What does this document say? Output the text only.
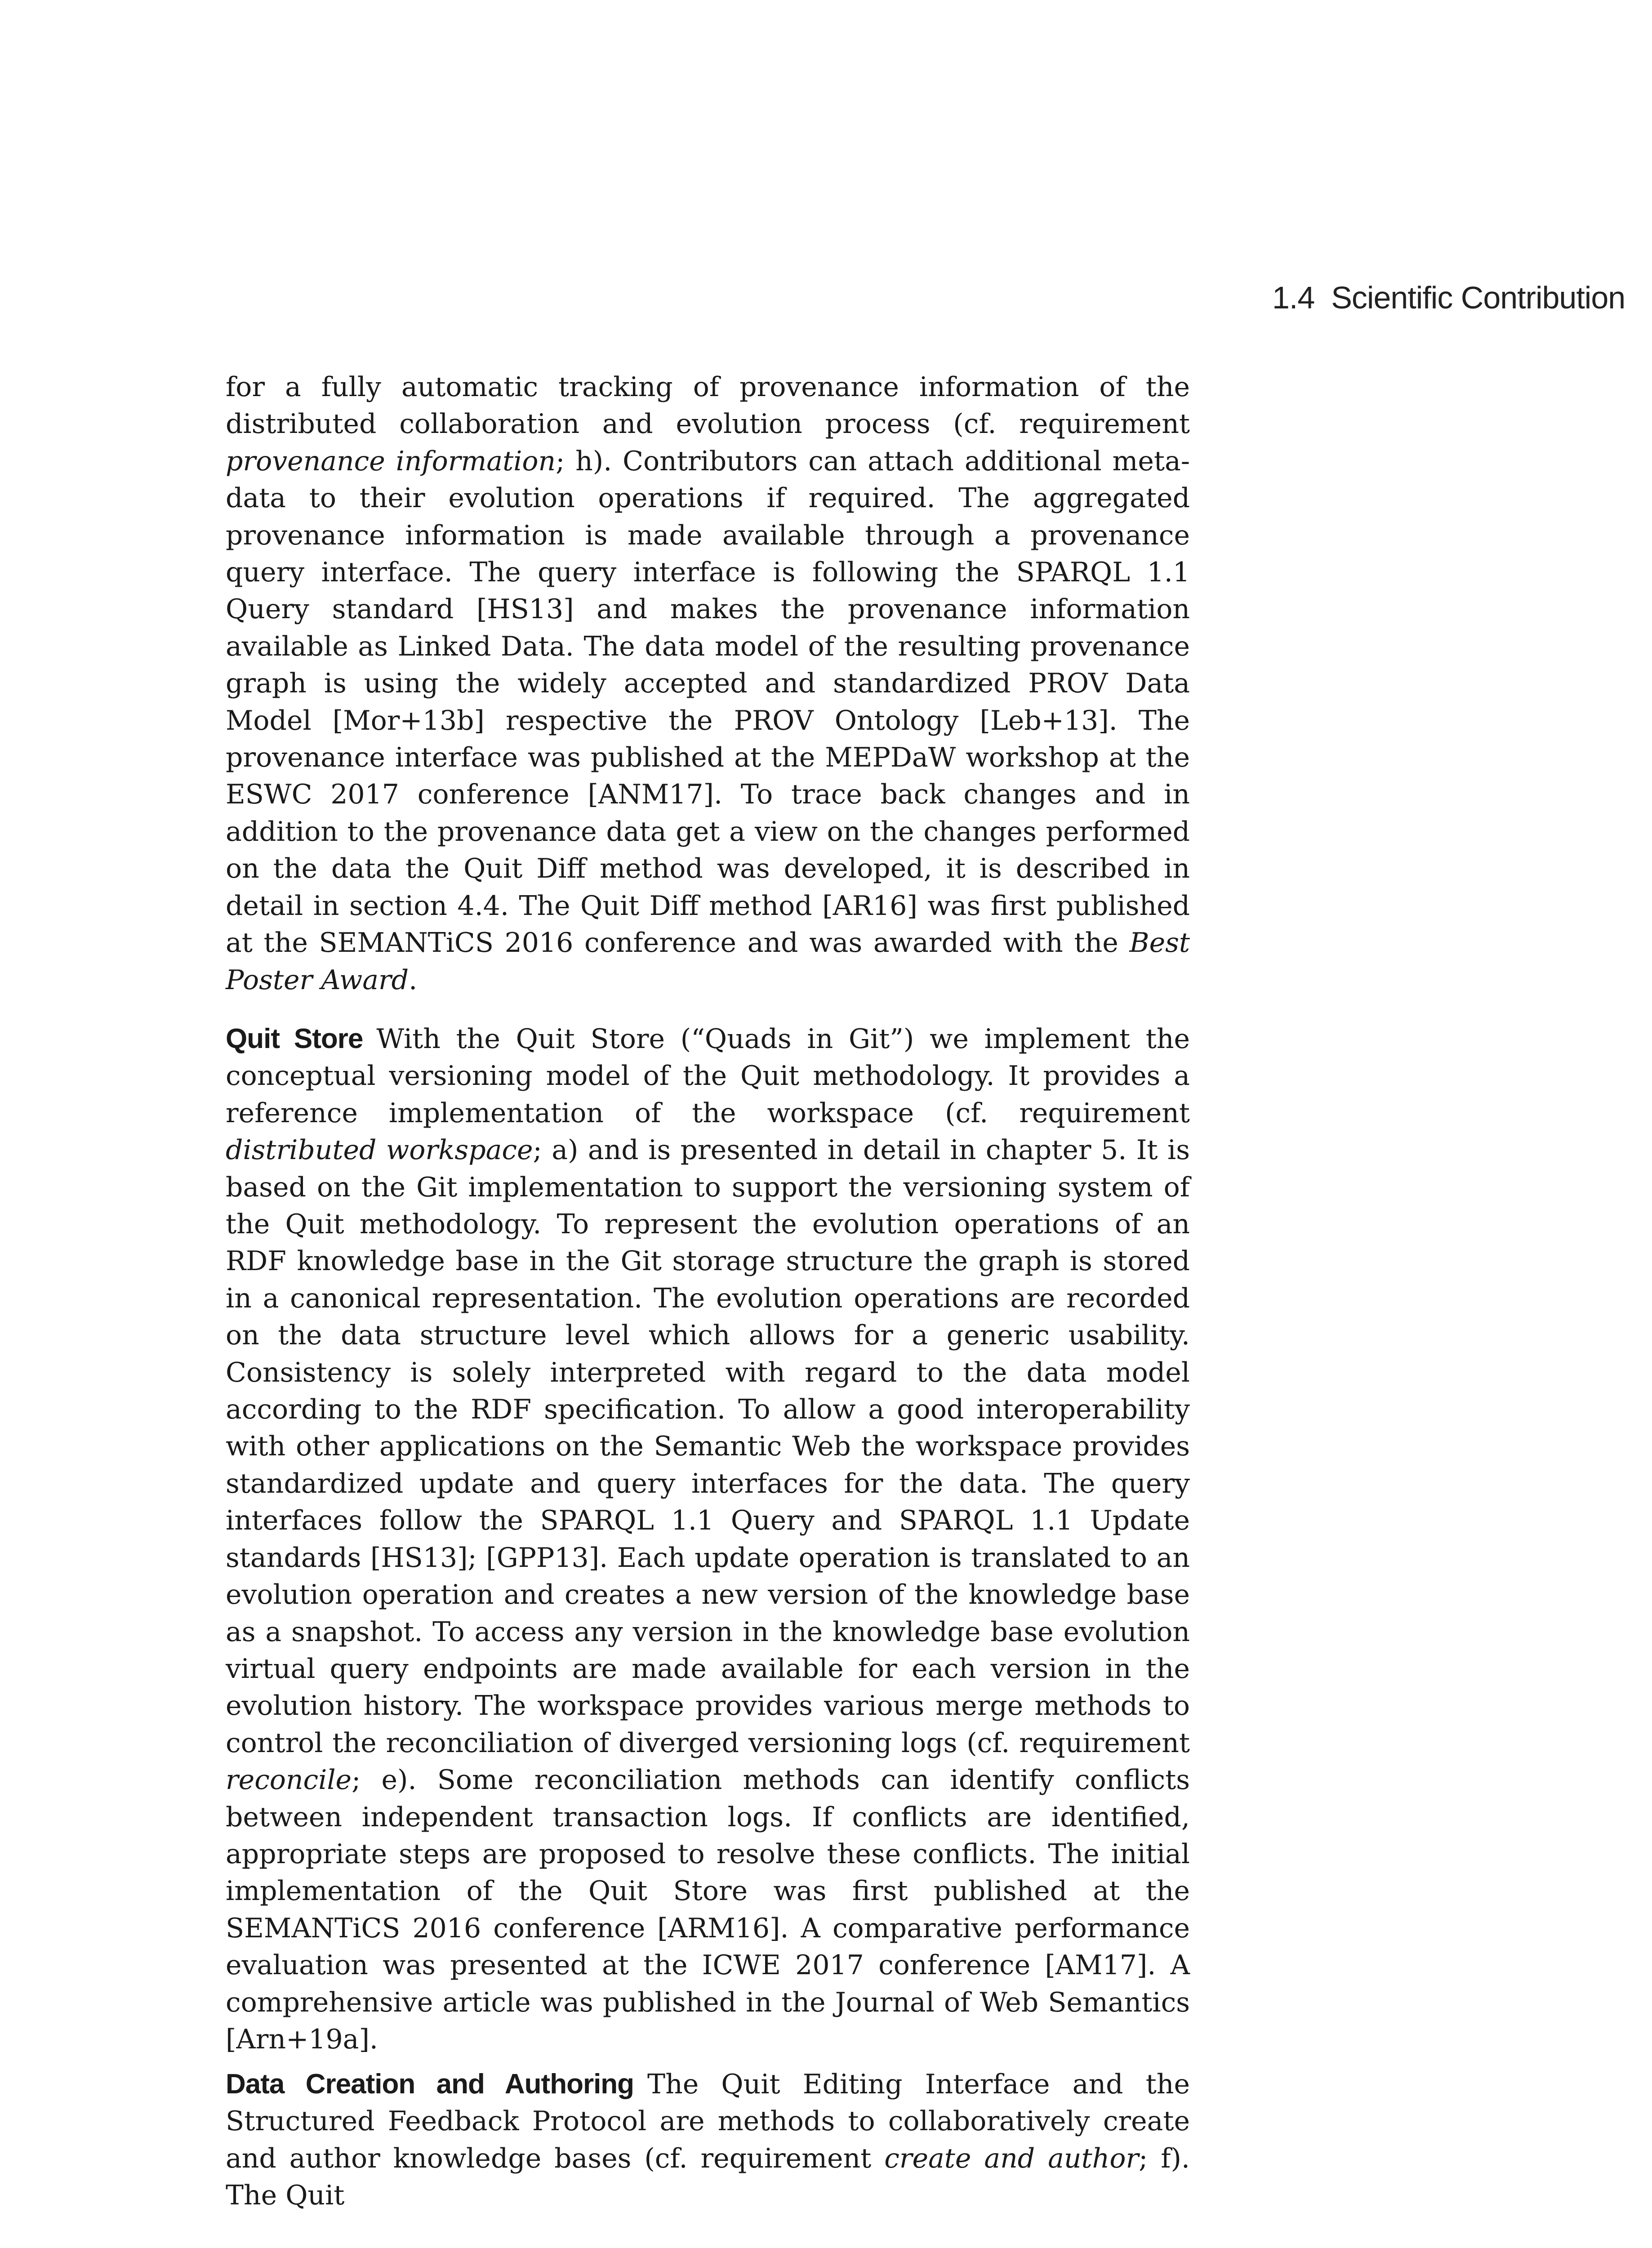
1.4 Scientific Contribution

for a fully automatic tracking of provenance information of the distributed collaboration and evolution process (cf. requirement provenance information; h). Contributors can attach additional meta-data to their evolution operations if required. The aggregated provenance information is made available through a provenance query interface. The query interface is following the SPARQL 1.1 Query standard [HS13] and makes the provenance information available as Linked Data. The data model of the resulting provenance graph is using the widely accepted and standardized PROV Data Model [Mor+13b] respective the PROV Ontology [Leb+13]. The provenance interface was published at the MEPDaW workshop at the ESWC 2017 conference [ANM17]. To trace back changes and in addition to the provenance data get a view on the changes performed on the data the Quit Diff method was developed, it is described in detail in section 4.4. The Quit Diff method [AR16] was first published at the SEMANTiCS 2016 conference and was awarded with the Best Poster Award.

Quit Store With the Quit Store (“Quads in Git”) we implement the conceptual versioning model of the Quit methodology. It provides a reference implementation of the workspace (cf. requirement distributed workspace; a) and is presented in detail in chapter 5. It is based on the Git implementation to support the versioning system of the Quit methodology. To represent the evolution operations of an RDF knowledge base in the Git storage structure the graph is stored in a canonical representation. The evolution operations are recorded on the data structure level which allows for a generic usability. Consistency is solely interpreted with regard to the data model according to the RDF specification. To allow a good interoperability with other applications on the Semantic Web the workspace provides standardized update and query interfaces for the data. The query interfaces follow the SPARQL 1.1 Query and SPARQL 1.1 Update standards [HS13]; [GPP13]. Each update operation is translated to an evolution operation and creates a new version of the knowledge base as a snapshot. To access any version in the knowledge base evolution virtual query endpoints are made available for each version in the evolution history. The workspace provides various merge methods to control the reconciliation of diverged versioning logs (cf. requirement reconcile; e). Some reconciliation methods can identify conflicts between independent transaction logs. If conflicts are identified, appropriate steps are proposed to resolve these conflicts. The initial implementation of the Quit Store was first published at the SEMANTiCS 2016 conference [ARM16]. A comparative performance evaluation was presented at the ICWE 2017 conference [AM17]. A comprehensive article was published in the Journal of Web Semantics [Arn+19a].

Data Creation and Authoring The Quit Editing Interface and the Structured Feedback Protocol are methods to collaboratively create and author knowledge bases (cf. requirement create and author; f). The Quit
